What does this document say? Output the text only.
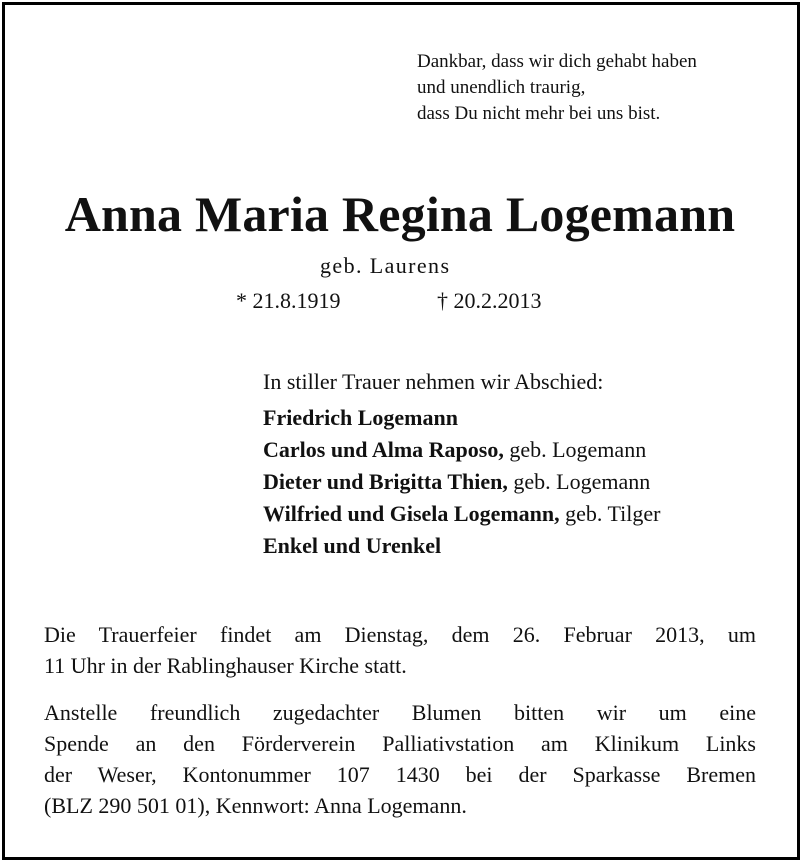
Dankbar, dass wir dich gehabt haben
und unendlich traurig,
dass Du nicht mehr bei uns bist.
Anna Maria Regina Logemann
geb. Laurens
* 21.8.1919	† 20.2.2013
In stiller Trauer nehmen wir Abschied:
Friedrich Logemann
Carlos und Alma Raposo, geb. Logemann
Dieter und Brigitta Thien, geb. Logemann
Wilfried und Gisela Logemann, geb. Tilger
Enkel und Urenkel
Die Trauerfeier findet am Dienstag, dem 26. Februar 2013, um
11 Uhr in der Rablinghauser Kirche statt.
Anstelle freundlich zugedachter Blumen bitten wir um eine
Spende an den Förderverein Palliativstation am Klinikum Links
der Weser, Kontonummer 107 1430 bei der Sparkasse Bremen
(BLZ 290 501 01), Kennwort: Anna Logemann.
